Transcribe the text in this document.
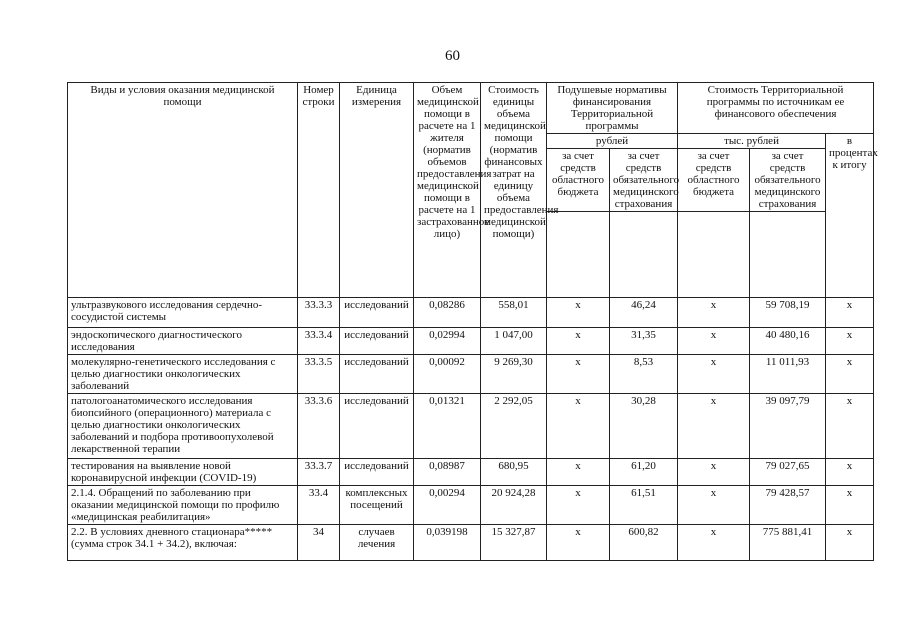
60
Виды и условия оказания медицинской помощи	Номер строки	Единица измерения	Объем медицинской помощи в расчете на 1 жителя (норматив объемов предоставления медицинской помощи в расчете на 1 застрахованное лицо)	Стоимость единицы объема медицинской помощи (норматив финансовых затрат на единицу объема предоставления медицинской помощи)	Подушевые нормативы финансирования Территориальной программы		Стоимость Территориальной программы по источникам ее финансового обеспечения		
					рублей		тыс. рублей		в процентах к итогу
					за счет средств областного бюджета	за счет средств обязательного медицинского страхования	за счет средств областного бюджета	за счет средств обязательного медицинского страхования	

ультразвукового исследования сердечно-сосудистой системы	33.3.3	исследований	0,08286	558,01	х	46,24	х	59 708,19	х
эндоскопического диагностического исследования	33.3.4	исследований	0,02994	1 047,00	х	31,35	х	40 480,16	х
молекулярно-генетического исследования с целью диагностики онкологических заболеваний	33.3.5	исследований	0,00092	9 269,30	х	8,53	х	11 011,93	х
патологоанатомического исследования биопсийного (операционного) материала с целью диагностики онкологических заболеваний и подбора противоопухолевой лекарственной терапии	33.3.6	исследований	0,01321	2 292,05	х	30,28	х	39 097,79	х
тестирования на выявление новой коронавирусной инфекции (COVID-19)	33.3.7	исследований	0,08987	680,95	х	61,20	х	79 027,65	х
2.1.4. Обращений по заболеванию при оказании медицинской помощи по профилю «медицинская реабилитация»	33.4	комплексных посещений	0,00294	20 924,28	х	61,51	х	79 428,57	х
2.2. В условиях дневного стационара***** (сумма строк 34.1 + 34.2), включая:	34	случаев лечения	0,039198	15 327,87	х	600,82	х	775 881,41	х
